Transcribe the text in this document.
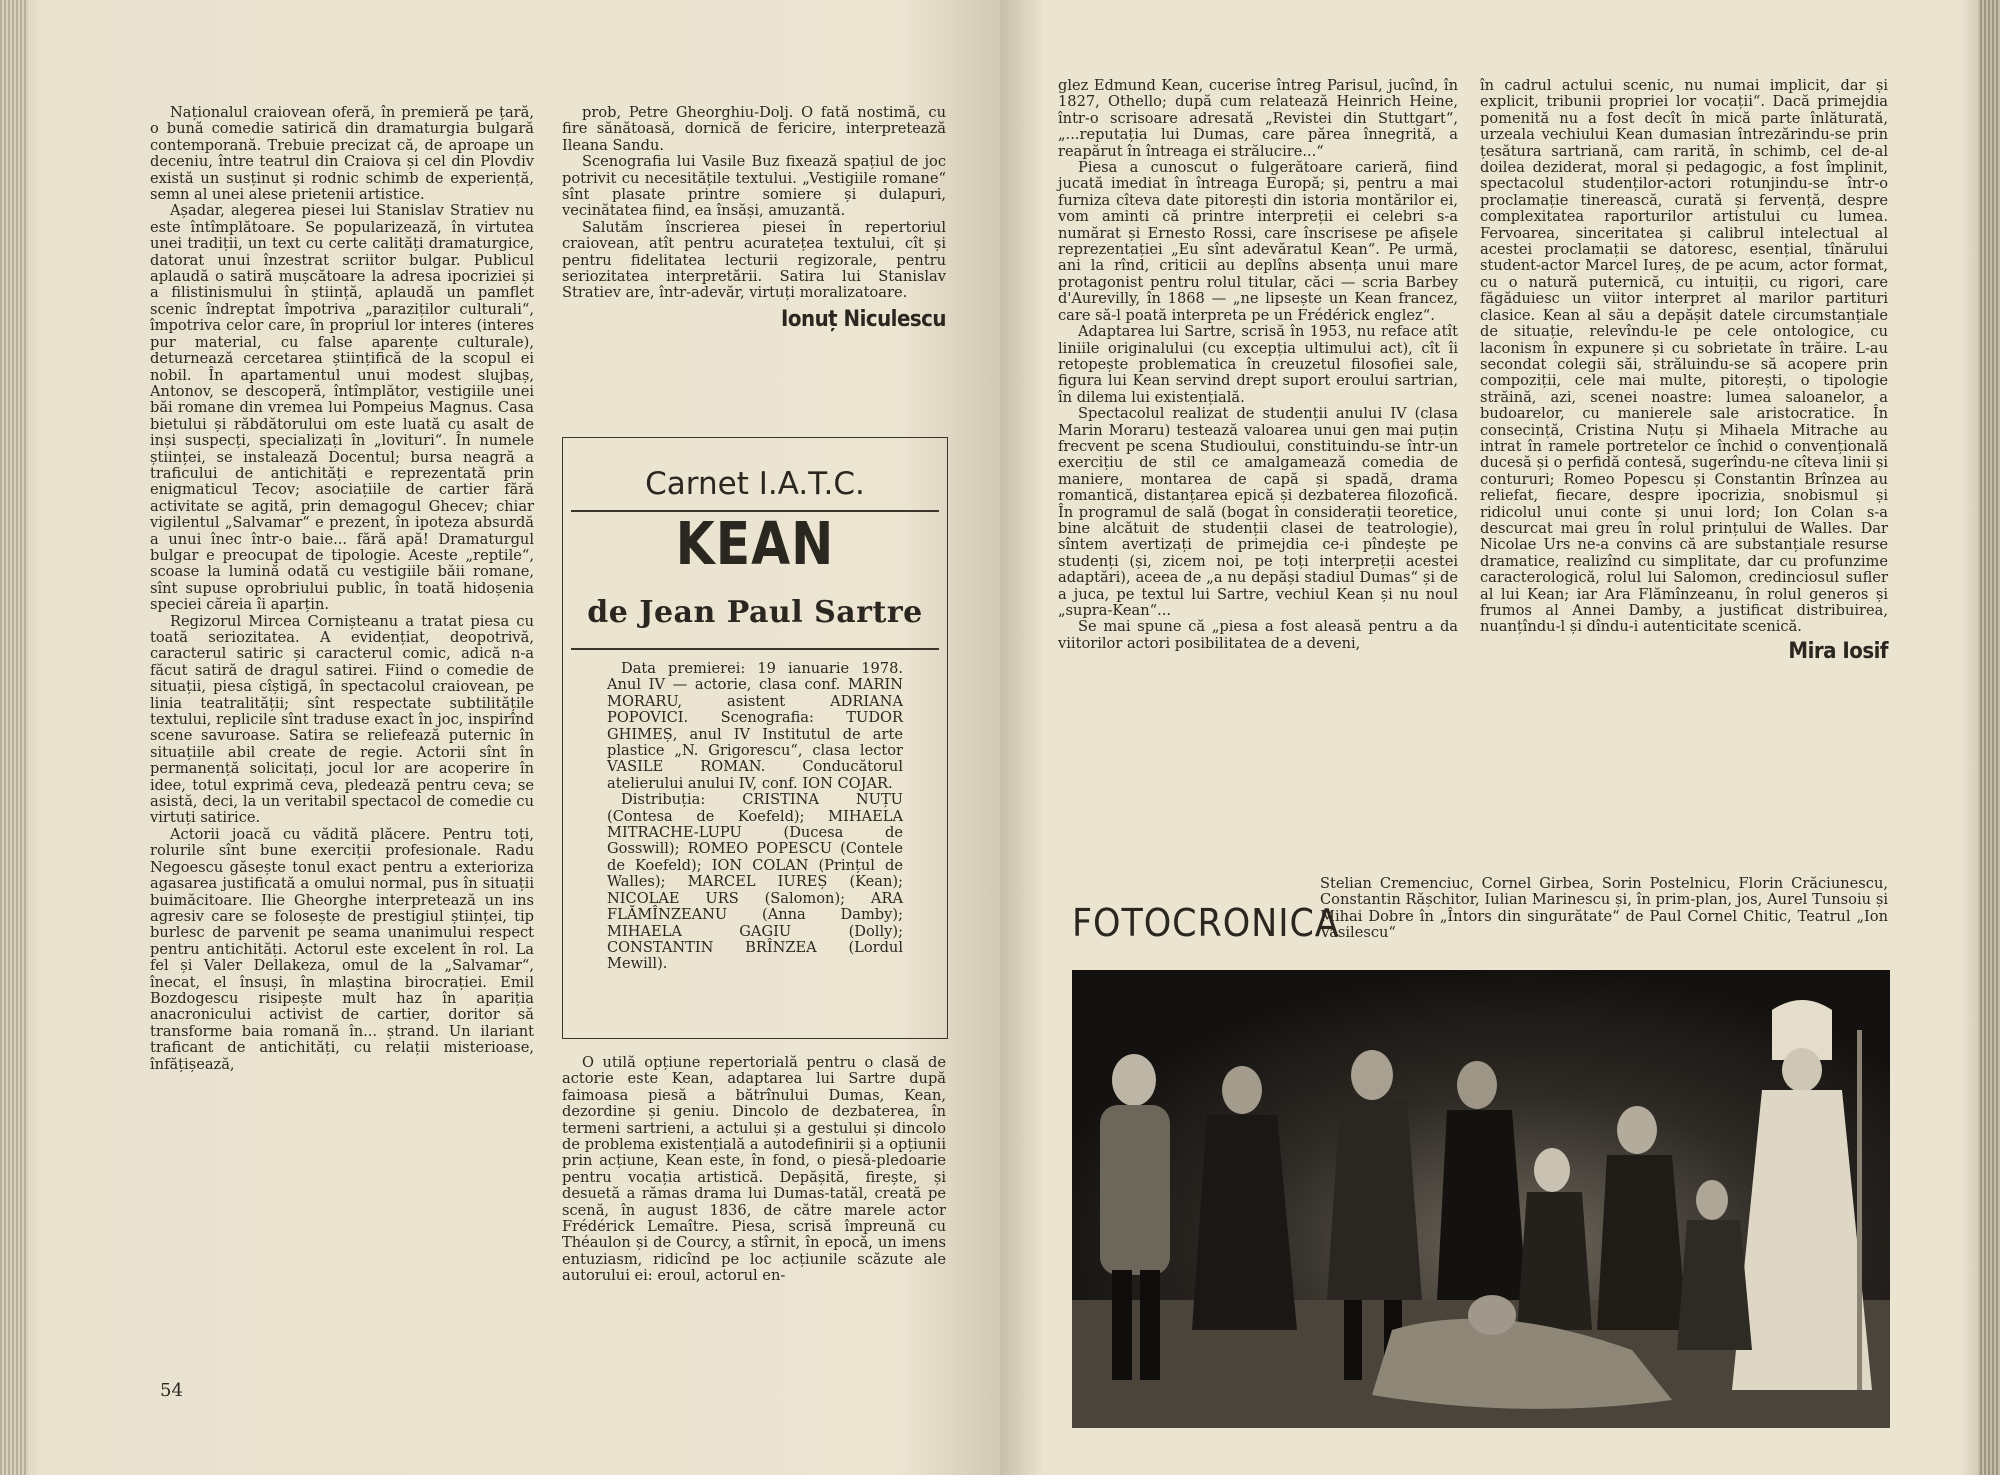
Naționalul craiovean oferă, în premieră pe țară, o bună comedie satirică din dramaturgia bulgară contemporană. Trebuie precizat că, de aproape un deceniu, între teatrul din Craiova și cel din Plovdiv există un susținut și rodnic schimb de experiență, semn al unei alese prietenii artistice.

Așadar, alegerea piesei lui Stanislav Stratiev nu este întîmplătoare. Se popularizează, în virtutea unei tradiții, un text cu certe calități dramaturgice, datorat unui înzestrat scriitor bulgar. Publicul aplaudă o satiră mușcătoare la adresa ipocriziei și a filistinismului în știință, aplaudă un pamflet scenic îndreptat împotriva „paraziților culturali“, împotriva celor care, în propriul lor interes (interes pur material, cu false aparențe culturale), deturnează cercetarea științifică de la scopul ei nobil. În apartamentul unui modest slujbaș, Antonov, se descoperă, întîmplător, vestigiile unei băi romane din vremea lui Pompeius Magnus. Casa bietului și răbdătorului om este luată cu asalt de inși suspecți, specializați în „lovituri“. În numele științei, se instalează Docentul; bursa neagră a traficului de antichități e reprezentată prin enigmaticul Tecov; asociațiile de cartier fără activitate se agită, prin demagogul Ghecev; chiar vigilentul „Salvamar“ e prezent, în ipoteza absurdă a unui înec într-o baie... fără apă! Dramaturgul bulgar e preocupat de tipologie. Aceste „reptile“, scoase la lumină odată cu vestigiile băii romane, sînt supuse oprobriului public, în toată hidoșenia speciei căreia îi aparțin.

Regizorul Mircea Cornișteanu a tratat piesa cu toată seriozitatea. A evidențiat, deopotrivă, caracterul satiric și caracterul comic, adică n-a făcut satiră de dragul satirei. Fiind o comedie de situații, piesa cîștigă, în spectacolul craiovean, pe linia teatralității; sînt respectate subtilitățile textului, replicile sînt traduse exact în joc, inspirînd scene savuroase. Satira se reliefează puternic în situațiile abil create de regie. Actorii sînt în permanență solicitați, jocul lor are acoperire în idee, totul exprimă ceva, pledează pentru ceva; se asistă, deci, la un veritabil spectacol de comedie cu virtuți satirice.

Actorii joacă cu vădită plăcere. Pentru toți, rolurile sînt bune exerciții profesionale. Radu Negoescu găsește tonul exact pentru a exterioriza agasarea justificată a omului normal, pus în situații buimăcitoare. Ilie Gheorghe interpretează un ins agresiv care se folosește de prestigiul științei, tip burlesc de parvenit pe seama unanimului respect pentru antichități. Actorul este excelent în rol. La fel și Valer Dellakeza, omul de la „Salvamar“, înecat, el însuși, în mlaștina birocrației. Emil Bozdogescu risipește mult haz în apariția anacronicului activist de cartier, doritor să transforme baia romană în... ștrand. Un ilariant traficant de antichități, cu relații misterioase, înfățișează,

prob, Petre Gheorghiu-Dolj. O fată nostimă, cu fire sănătoasă, dornică de fericire, interpretează Ileana Sandu.

Scenografia lui Vasile Buz fixează spațiul de joc potrivit cu necesitățile textului. „Vestigiile romane“ sînt plasate printre somiere și dulapuri, vecinătatea fiind, ea însăși, amuzantă.

Salutăm înscrierea piesei în repertoriul craiovean, atît pentru acuratețea textului, cît și pentru fidelitatea lecturii regizorale, pentru seriozitatea interpretării. Satira lui Stanislav Stratiev are, într-adevăr, virtuți moralizatoare.

Ionuț Niculescu
Carnet I.A.T.C.
KEAN
de Jean Paul Sartre

Data premierei: 19 ianuarie 1978. Anul IV — actorie, clasa conf. MARIN MORARU, asistent ADRIANA POPOVICI. Scenografia: TUDOR GHIMEȘ, anul IV Institutul de arte plastice „N. Grigorescu“, clasa lector VASILE ROMAN. Conducătorul atelierului anului IV, conf. ION COJAR.

Distribuția: CRISTINA NUȚU (Contesa de Koefeld); MIHAELA MITRACHE-LUPU (Ducesa de Gosswill); ROMEO POPESCU (Contele de Koefeld); ION COLAN (Prințul de Walles); MARCEL IUREȘ (Kean); NICOLAE URS (Salomon); ARA FLĂMÎNZEANU (Anna Damby); MIHAELA GAGIU (Dolly); CONSTANTIN BRÎNZEA (Lordul Mewill).

O utilă opțiune repertorială pentru o clasă de actorie este Kean, adaptarea lui Sartre după faimoasa piesă a bătrînului Dumas, Kean, dezordine și geniu. Dincolo de dezbaterea, în termeni sartrieni, a actului și a gestului și dincolo de problema existențială a autodefinirii și a opțiunii prin acțiune, Kean este, în fond, o piesă-pledoarie pentru vocația artistică. Depășită, firește, și desuetă a rămas drama lui Dumas-tatăl, creată pe scenă, în august 1836, de către marele actor Frédérick Lemaître. Piesa, scrisă împreună cu Théaulon și de Courcy, a stîrnit, în epocă, un imens entuziasm, ridicînd pe loc acțiunile scăzute ale autorului ei: eroul, actorul en-

54

glez Edmund Kean, cucerise întreg Parisul, jucînd, în 1827, Othello; după cum relatează Heinrich Heine, într-o scrisoare adresată „Revistei din Stuttgart“, „...reputația lui Dumas, care părea înnegrită, a reapărut în întreaga ei strălucire...“

Piesa a cunoscut o fulgerătoare carieră, fiind jucată imediat în întreaga Europă; și, pentru a mai furniza cîteva date pitorești din istoria montărilor ei, vom aminti că printre interpreții ei celebri s-a numărat și Ernesto Rossi, care înscrisese pe afișele reprezentației „Eu sînt adevăratul Kean“. Pe urmă, ani la rînd, criticii au deplîns absența unui mare protagonist pentru rolul titular, căci — scria Barbey d'Aurevilly, în 1868 — „ne lipsește un Kean francez, care să-l poată interpreta pe un Frédérick englez“.

Adaptarea lui Sartre, scrisă în 1953, nu reface atît liniile originalului (cu excepția ultimului act), cît îi retopește problematica în creuzetul filosofiei sale, figura lui Kean servind drept suport eroului sartrian, în dilema lui existențială.

Spectacolul realizat de studenții anului IV (clasa Marin Moraru) testează valoarea unui gen mai puțin frecvent pe scena Studioului, constituindu-se într-un exercițiu de stil ce amalgamează comedia de maniere, montarea de capă și spadă, drama romantică, distanțarea epică și dezbaterea filozofică. În programul de sală (bogat în considerații teoretice, bine alcătuit de studenții clasei de teatrologie), sîntem avertizați de primejdia ce-i pîndește pe studenți (și, zicem noi, pe toți interpreții acestei adaptări), aceea de „a nu depăși stadiul Dumas“ și de a juca, pe textul lui Sartre, vechiul Kean și nu noul „supra-Kean“...

Se mai spune că „piesa a fost aleasă pentru a da viitorilor actori posibilitatea de a deveni,

în cadrul actului scenic, nu numai implicit, dar și explicit, tribunii propriei lor vocații“. Dacă primejdia pomenită nu a fost decît în mică parte înlăturată, urzeala vechiului Kean dumasian întrezărindu-se prin țesătura sartriană, cam rarită, în schimb, cel de-al doilea deziderat, moral și pedagogic, a fost împlinit, spectacolul studenților-actori rotunjindu-se într-o proclamație tinerească, curată și fervență, despre complexitatea raporturilor artistului cu lumea. Fervoarea, sinceritatea și calibrul intelectual al acestei proclamații se datoresc, esențial, tînărului student-actor Marcel Iureș, de pe acum, actor format, cu o natură puternică, cu intuiții, cu rigori, care făgăduiesc un viitor interpret al marilor partituri clasice. Kean al său a depășit datele circumstanțiale de situație, relevîndu-le pe cele ontologice, cu laconism în expunere și cu sobrietate în trăire. L-au secondat colegii săi, străluindu-se să acopere prin compoziții, cele mai multe, pitorești, o tipologie străină, azi, scenei noastre: lumea saloanelor, a budoarelor, cu manierele sale aristocratice. În consecință, Cristina Nuțu și Mihaela Mitrache au intrat în ramele portretelor ce închid o convențională ducesă și o perfidă contesă, sugerîndu-ne cîteva linii și contururi; Romeo Popescu și Constantin Brînzea au reliefat, fiecare, despre ipocrizia, snobismul și ridicolul unui conte și unui lord; Ion Colan s-a descurcat mai greu în rolul prințului de Walles. Dar Nicolae Urs ne-a convins că are substanțiale resurse dramatice, realizînd cu simplitate, dar cu profunzime caracterologică, rolul lui Salomon, credinciosul sufler al lui Kean; iar Ara Flămînzeanu, în rolul generos și frumos al Annei Damby, a justificat distribuirea, nuanțîndu-l și dîndu-i autenticitate scenică.

Mira Iosif
FOTOCRONICA
Stelian Cremenciuc, Cornel Girbea, Sorin Postelnicu, Florin Crăciunescu, Constantin Rășchitor, Iulian Marinescu și, în prim-plan, jos, Aurel Tunsoiu și Mihai Dobre în „Întors din singurătate“ de Paul Cornel Chitic, Teatrul „Ion Vasilescu“
